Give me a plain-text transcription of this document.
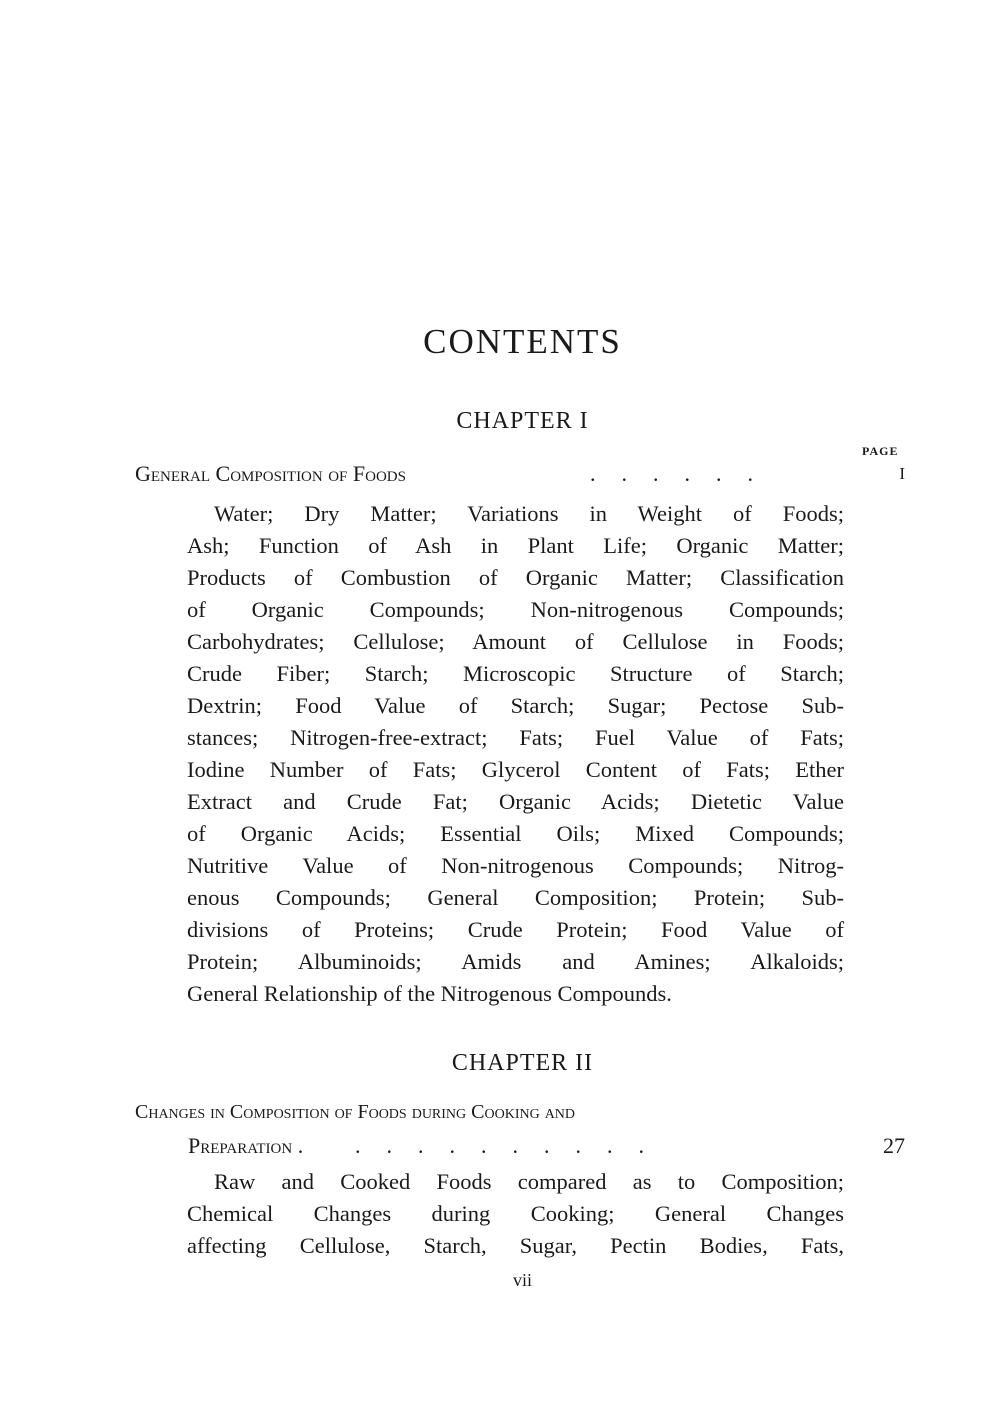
CONTENTS
CHAPTER I
PAGE
General Composition of Foods	......	I

Water; Dry Matter; Variations in Weight of Foods;
Ash; Function of Ash in Plant Life; Organic Matter;
Products of Combustion of Organic Matter; Classification
of Organic Compounds; Non-nitrogenous Compounds;
Carbohydrates; Cellulose; Amount of Cellulose in Foods;
Crude Fiber; Starch; Microscopic Structure of Starch;
Dextrin; Food Value of Starch; Sugar; Pectose Sub-
stances; Nitrogen-free-extract; Fats; Fuel Value of Fats;
Iodine Number of Fats; Glycerol Content of Fats; Ether
Extract and Crude Fat; Organic Acids; Dietetic Value
of Organic Acids; Essential Oils; Mixed Compounds;
Nutritive Value of Non-nitrogenous Compounds; Nitrog-
enous Compounds; General Composition; Protein; Sub-
divisions of Proteins; Crude Protein; Food Value of
Protein; Albuminoids; Amids and Amines; Alkaloids;
General Relationship of the Nitrogenous Compounds.

CHAPTER II
Changes in Composition of Foods during Cooking and
Preparation . ..........	27

Raw and Cooked Foods compared as to Composition;
Chemical Changes during Cooking; General Changes
affecting Cellulose, Starch, Sugar, Pectin Bodies, Fats,

vii
